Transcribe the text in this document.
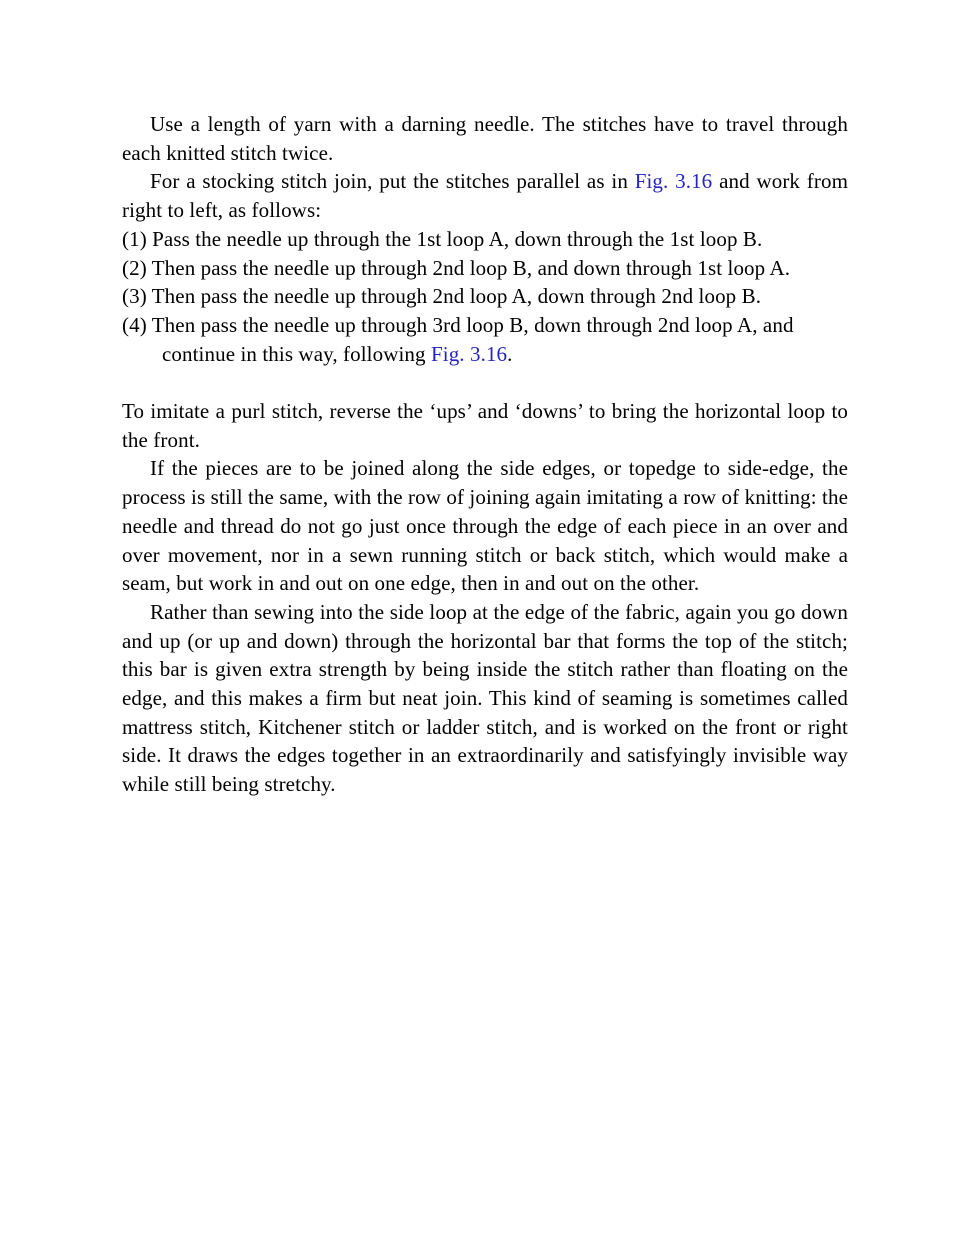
Use a length of yarn with a darning needle. The stitches have to travel through each knitted stitch twice.

For a stocking stitch join, put the stitches parallel as in Fig. 3.16 and work from right to left, as follows:

(1) Pass the needle up through the 1st loop A, down through the 1st loop B.

(2) Then pass the needle up through 2nd loop B, and down through 1st loop A.

(3) Then pass the needle up through 2nd loop A, down through 2nd loop B.

(4) Then pass the needle up through 3rd loop B, down through 2nd loop A, and continue in this way, following Fig. 3.16.

To imitate a purl stitch, reverse the ‘ups’ and ‘downs’ to bring the horizontal loop to the front.

If the pieces are to be joined along the side edges, or topedge to side-edge, the process is still the same, with the row of joining again imitating a row of knitting: the needle and thread do not go just once through the edge of each piece in an over and over movement, nor in a sewn running stitch or back stitch, which would make a seam, but work in and out on one edge, then in and out on the other.

Rather than sewing into the side loop at the edge of the fabric, again you go down and up (or up and down) through the horizontal bar that forms the top of the stitch; this bar is given extra strength by being inside the stitch rather than floating on the edge, and this makes a firm but neat join. This kind of seaming is sometimes called mattress stitch, Kitchener stitch or ladder stitch, and is worked on the front or right side. It draws the edges together in an extraordinarily and satisfyingly invisible way while still being stretchy.
